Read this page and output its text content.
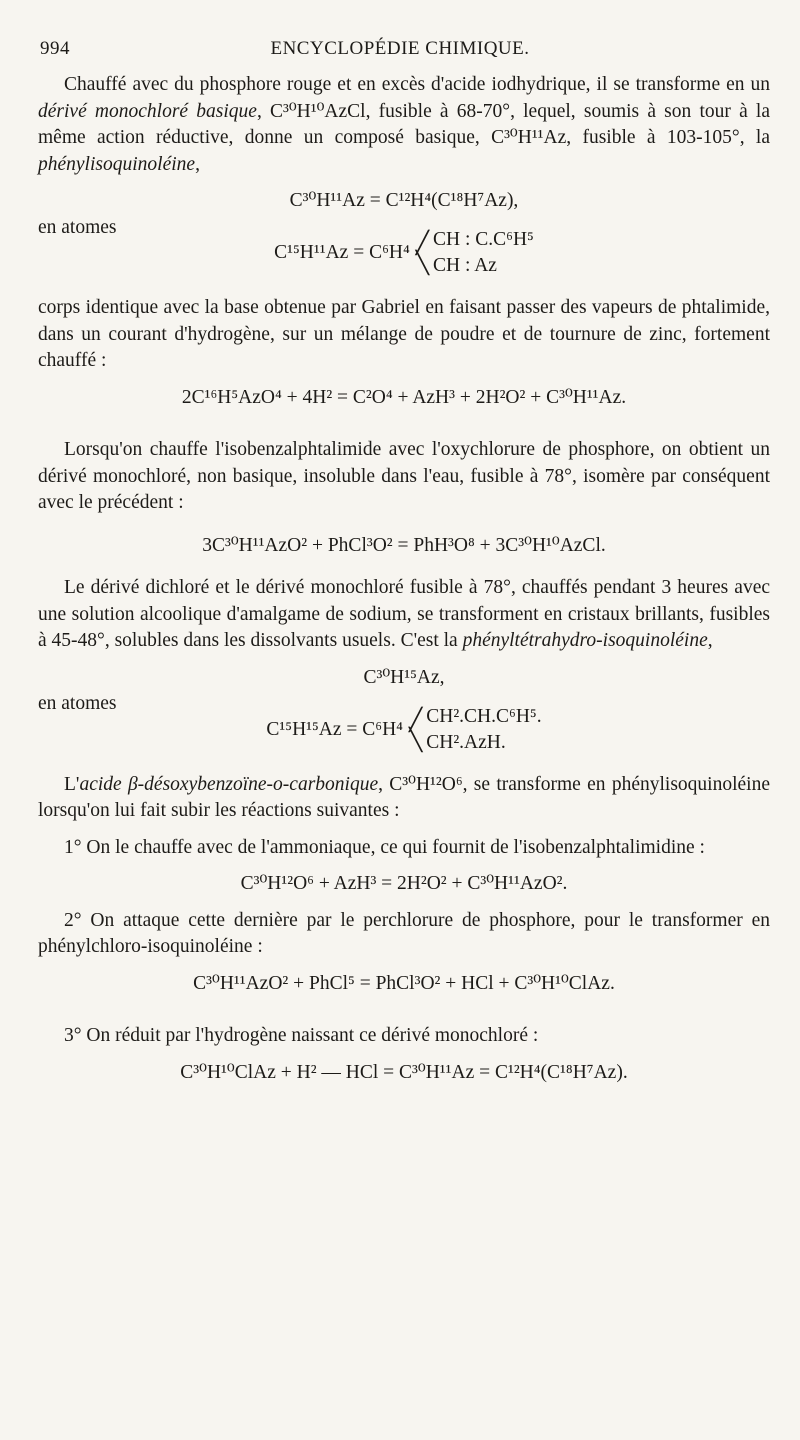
994	ENCYCLOPÉDIE CHIMIQUE.

Chauffé avec du phosphore rouge et en excès d'acide iodhydrique, il se transforme en un dérivé monochloré basique, C³⁰H¹⁰AzCl, fusible à 68-70°, lequel, soumis à son tour à la même action réductive, donne un composé basique, C³⁰H¹¹Az, fusible à 103-105°, la phénylisoquinoléine,

C³⁰H¹¹Az = C¹²H⁴(C¹⁸H⁷Az),
en atomes
C¹⁵H¹¹Az = C⁶H⁴ ╱
╲
CH : C.C⁶H⁵
CH : Az

corps identique avec la base obtenue par Gabriel en faisant passer des vapeurs de phtalimide, dans un courant d'hydrogène, sur un mélange de poudre et de tournure de zinc, fortement chauffé :

2C¹⁶H⁵AzO⁴ + 4H² = C²O⁴ + AzH³ + 2H²O² + C³⁰H¹¹Az.

Lorsqu'on chauffe l'isobenzalphtalimide avec l'oxychlorure de phosphore, on obtient un dérivé monochloré, non basique, insoluble dans l'eau, fusible à 78°, isomère par conséquent avec le précédent :

3C³⁰H¹¹AzO² + PhCl³O² = PhH³O⁸ + 3C³⁰H¹⁰AzCl.

Le dérivé dichloré et le dérivé monochloré fusible à 78°, chauffés pendant 3 heures avec une solution alcoolique d'amalgame de sodium, se transforment en cristaux brillants, fusibles à 45-48°, solubles dans les dissolvants usuels. C'est la phényltétrahydro-isoquinoléine,

C³⁰H¹⁵Az,
en atomes
C¹⁵H¹⁵Az = C⁶H⁴ ╱
╲
CH².CH.C⁶H⁵.
CH².AzH.

L'acide β-désoxybenzoïne-o-carbonique, C³⁰H¹²O⁶, se transforme en phénylisoquinoléine lorsqu'on lui fait subir les réactions suivantes :

1° On le chauffe avec de l'ammoniaque, ce qui fournit de l'isobenzalphtalimidine :

C³⁰H¹²O⁶ + AzH³ = 2H²O² + C³⁰H¹¹AzO².

2° On attaque cette dernière par le perchlorure de phosphore, pour le transformer en phénylchloro-isoquinoléine :

C³⁰H¹¹AzO² + PhCl⁵ = PhCl³O² + HCl + C³⁰H¹⁰ClAz.

3° On réduit par l'hydrogène naissant ce dérivé monochloré :

C³⁰H¹⁰ClAz + H² — HCl = C³⁰H¹¹Az = C¹²H⁴(C¹⁸H⁷Az).
